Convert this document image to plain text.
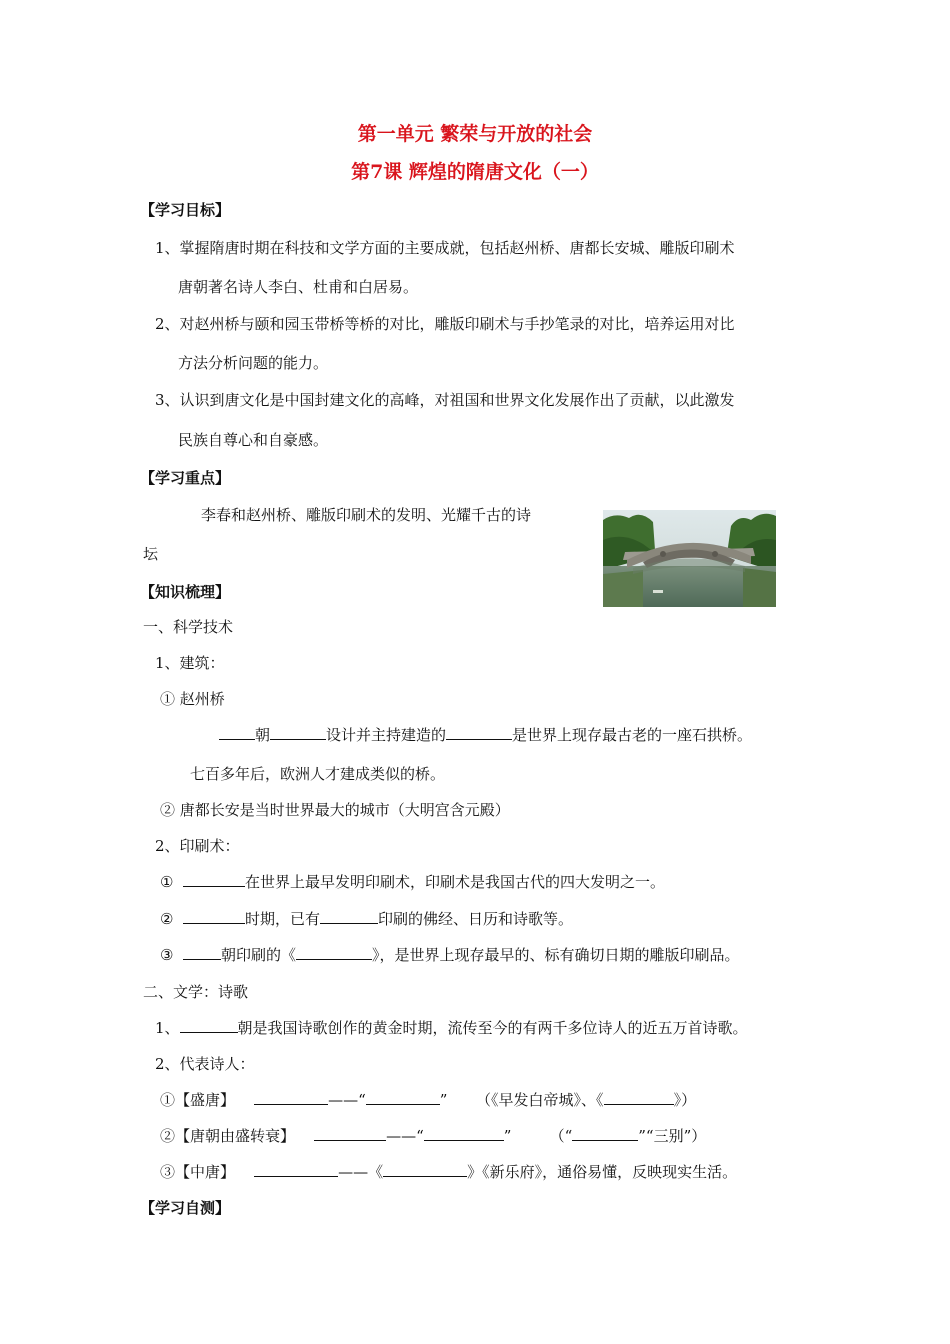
第一单元 繁荣与开放的社会
第7课 辉煌的隋唐文化（一）
【学习目标】
1、掌握隋唐时期在科技和文学方面的主要成就，包括赵州桥、唐都长安城、雕版印刷术
唐朝著名诗人李白、杜甫和白居易。
2、对赵州桥与颐和园玉带桥等桥的对比，雕版印刷术与手抄笔录的对比，培养运用对比
方法分析问题的能力。
3、认识到唐文化是中国封建文化的高峰，对祖国和世界文化发展作出了贡献，以此激发
民族自尊心和自豪感。
【学习重点】
李春和赵州桥、雕版印刷术的发明、光耀千古的诗
坛
【知识梳理】
一、科学技术
1、建筑：
① 赵州桥
朝	设计并主持建造的	是世界上现存最古老的一座石拱桥。
七百多年后，欧洲人才建成类似的桥。
② 唐都长安是当时世界最大的城市（大明宫含元殿）
2、印刷术：
①	在世界上最早发明印刷术，印刷术是我国古代的四大发明之一。
②	时期，已有	印刷的佛经、日历和诗歌等。
③	朝印刷的《	》，是世界上现存最早的、标有确切日期的雕版印刷品。
二、文学：诗歌
1、	朝是我国诗歌创作的黄金时期，流传至今的有两千多位诗人的近五万首诗歌。
2、代表诗人：
①【盛唐】	——“	” （《早发白帝城》、《	》）
②【唐朝由盛转衰】	——“	”	（“	”“三别”）
③【中唐】	——《	》《新乐府》，通俗易懂，反映现实生活。
【学习自测】
